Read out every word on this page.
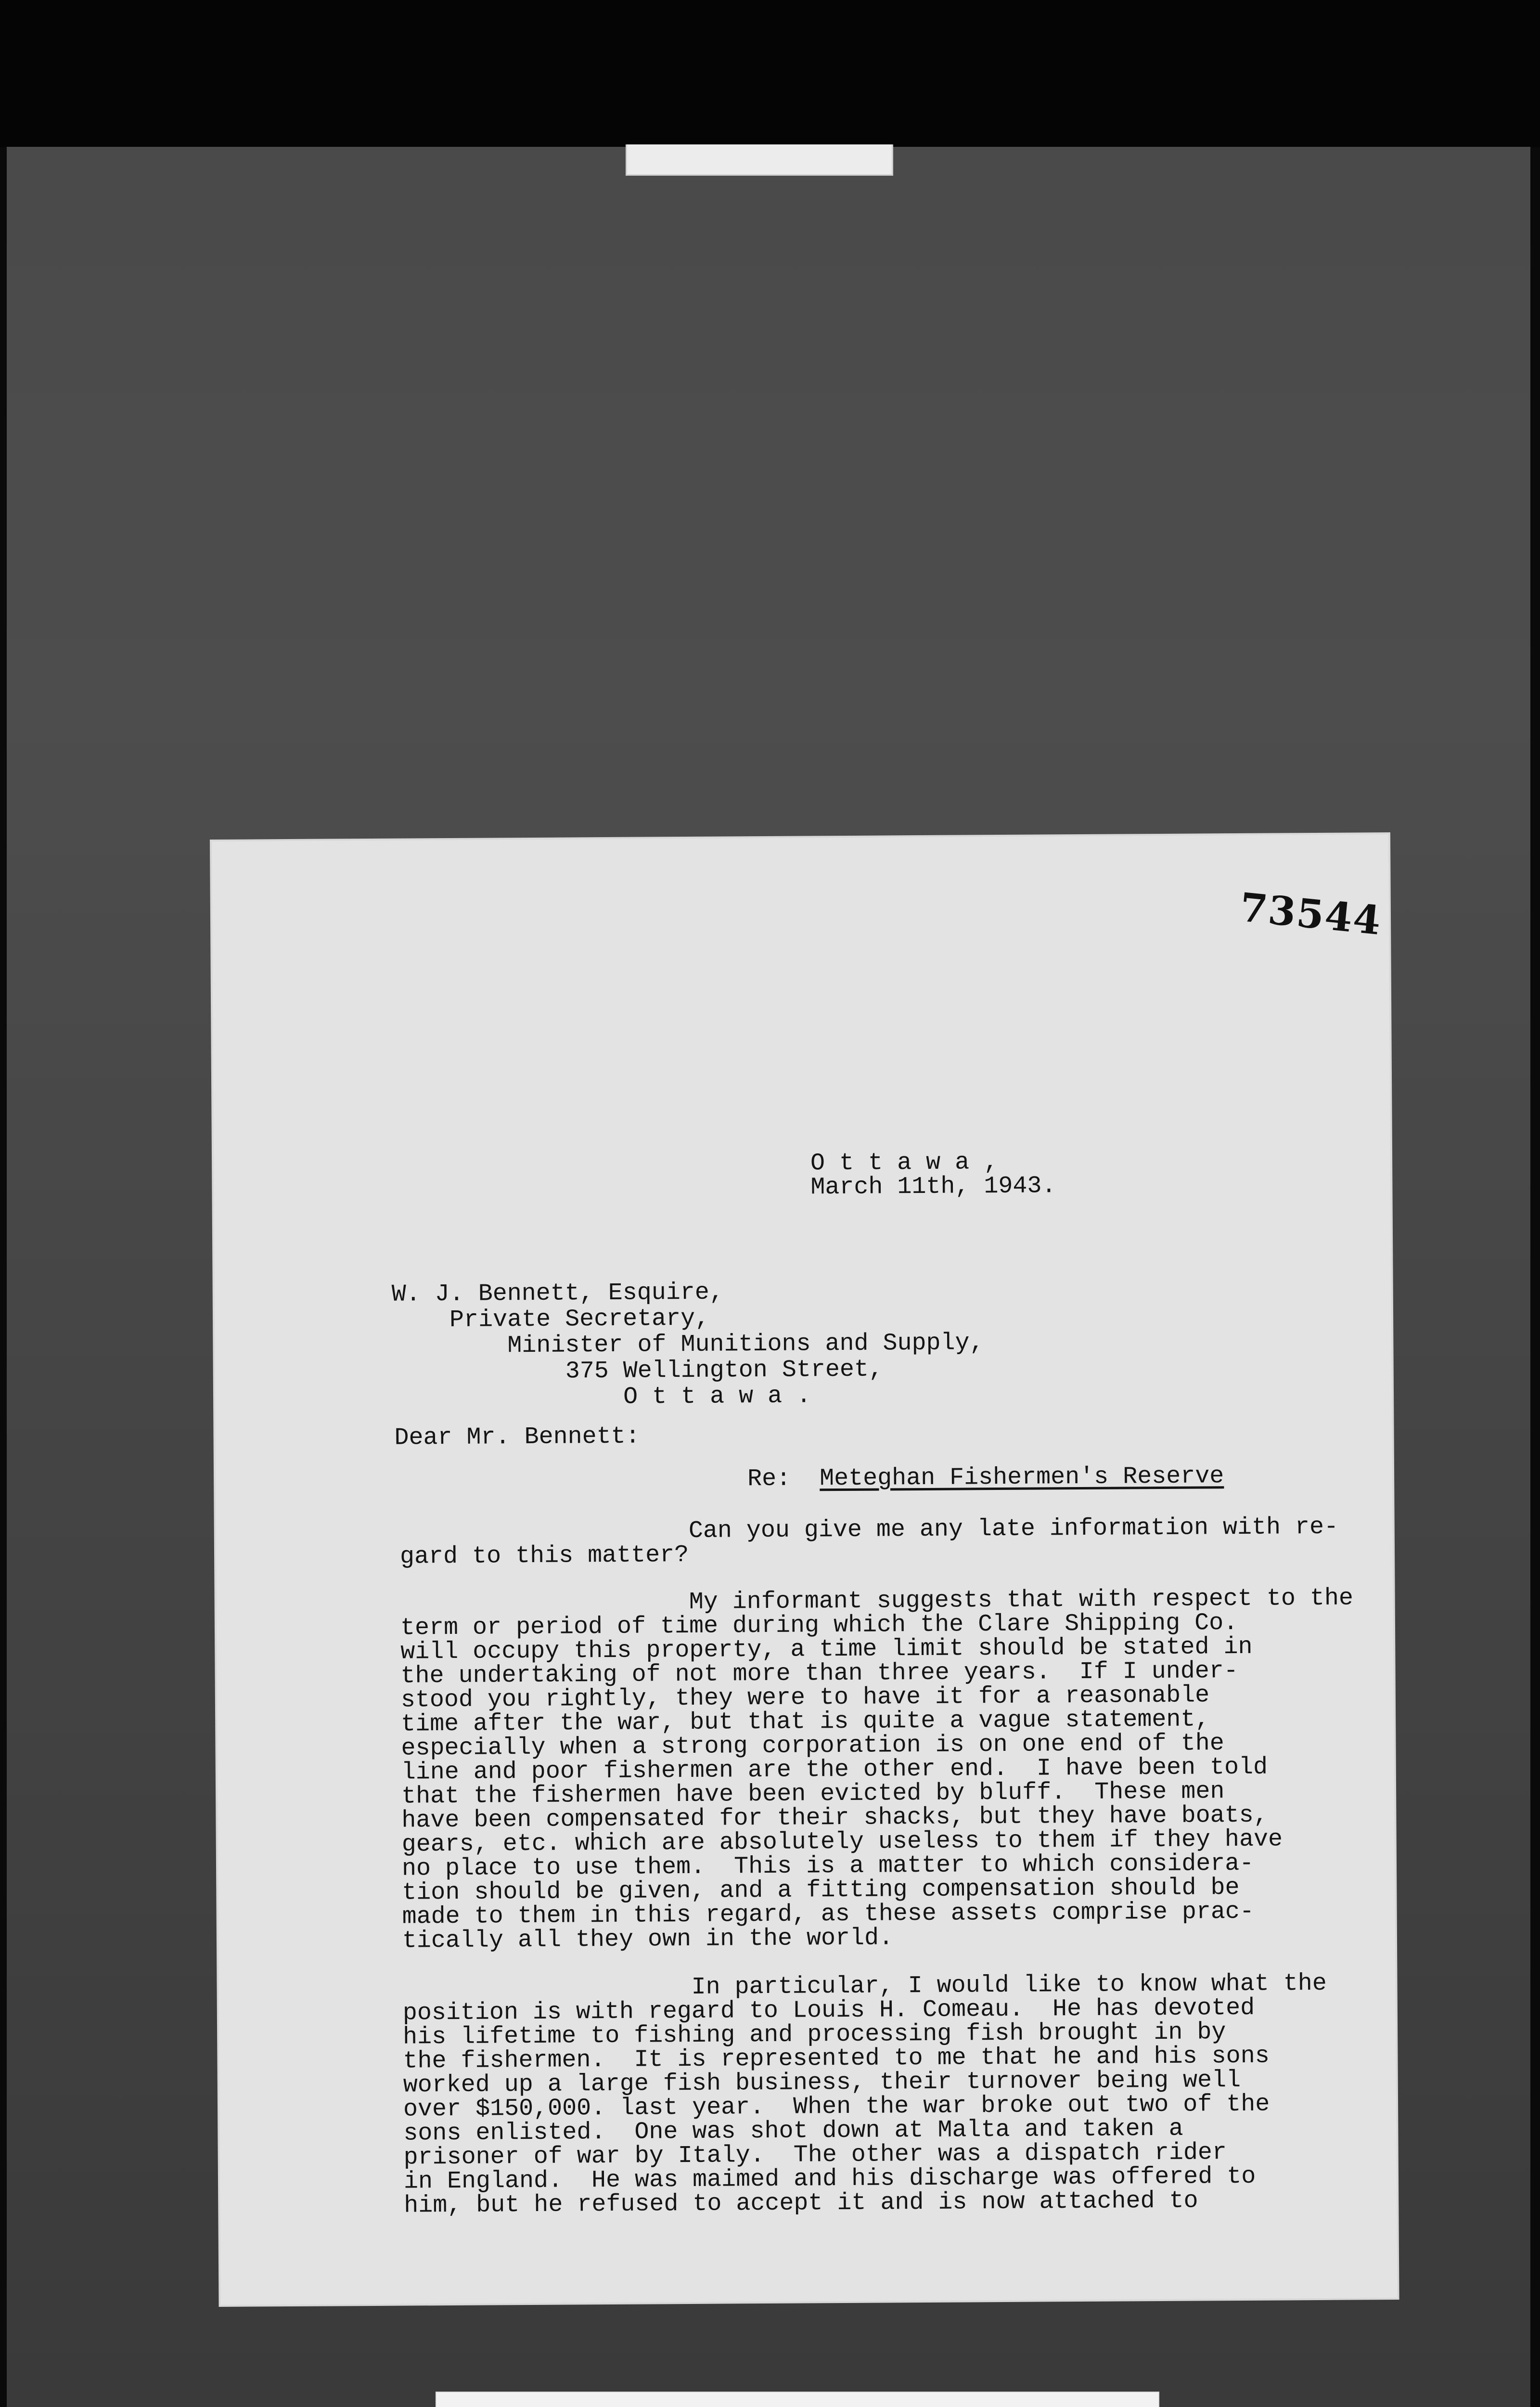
73544
O t t a w a ,
March 11th, 1943.
W. J. Bennett, Esquire,
Private Secretary,
Minister of Munitions and Supply,
375 Wellington Street,
O t t a w a .
Dear Mr. Bennett:
Re: Meteghan Fishermen's Reserve
Can you give me any late information with re-
gard to this matter?
My informant suggests that with respect to the
term or period of time during which the Clare Shipping Co.
will occupy this property, a time limit should be stated in
the undertaking of not more than three years.  If I under-
stood you rightly, they were to have it for a reasonable
time after the war, but that is quite a vague statement,
especially when a strong corporation is on one end of the
line and poor fishermen are the other end.  I have been told
that the fishermen have been evicted by bluff.  These men
have been compensated for their shacks, but they have boats,
gears, etc. which are absolutely useless to them if they have
no place to use them.  This is a matter to which considera-
tion should be given, and a fitting compensation should be
made to them in this regard, as these assets comprise prac-
tically all they own in the world.
In particular, I would like to know what the
position is with regard to Louis H. Comeau.  He has devoted
his lifetime to fishing and processing fish brought in by
the fishermen.  It is represented to me that he and his sons
worked up a large fish business, their turnover being well
over $150,000. last year.  When the war broke out two of the
sons enlisted.  One was shot down at Malta and taken a
prisoner of war by Italy.  The other was a dispatch rider
in England.  He was maimed and his discharge was offered to
him, but he refused to accept it and is now attached to
